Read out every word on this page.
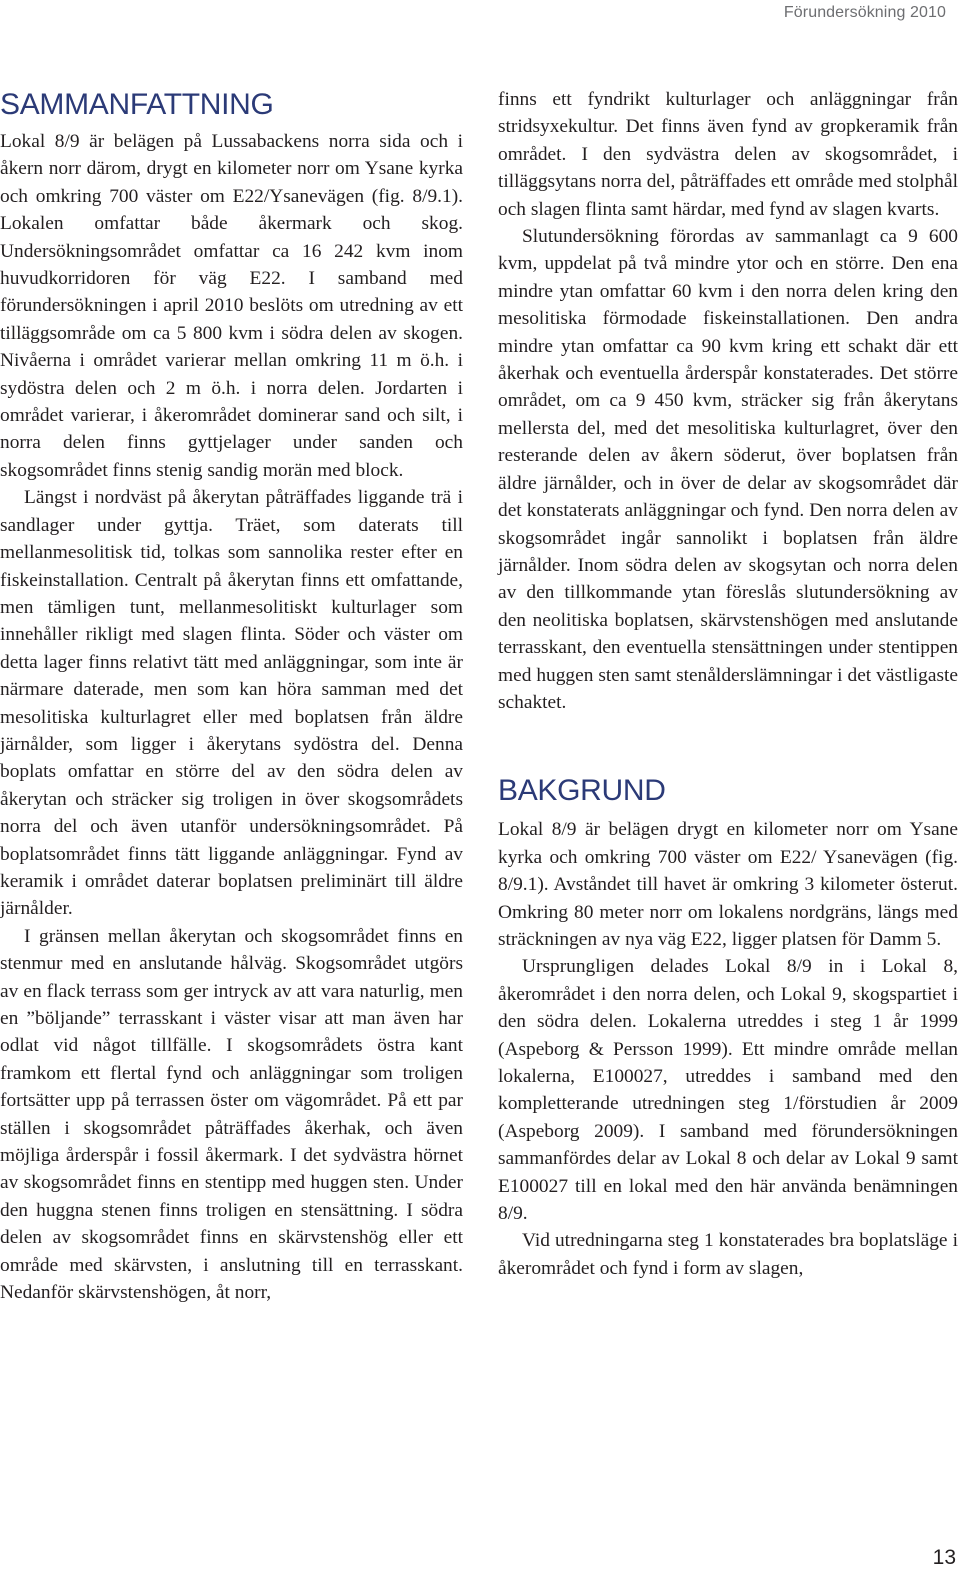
Förundersökning 2010
SAMMANFATTNING

Lokal 8/9 är belägen på Lussabackens norra sida och i åkern norr därom, drygt en kilometer norr om Ysane kyrka och omkring 700 väster om E22/Ysanevägen (fig. 8/9.1). Lokalen omfattar både åkermark och skog. Undersökningsområdet omfattar ca 16 242 kvm inom huvudkorridoren för väg E22. I samband med förundersökningen i april 2010 beslöts om utredning av ett tilläggsområde om ca 5 800 kvm i södra delen av skogen. Nivåerna i området varierar mellan omkring 11 m ö.h. i sydöstra delen och 2 m ö.h. i norra delen. Jordarten i området varierar, i åkerområdet dominerar sand och silt, i norra delen finns gyttjelager under sanden och skogsområdet finns stenig sandig morän med block.

Längst i nordväst på åkerytan påträffades liggande trä i sandlager under gyttja. Träet, som daterats till mellanmesolitisk tid, tolkas som sannolika rester efter en fiskeinstallation. Centralt på åkerytan finns ett omfattande, men tämligen tunt, mellanmesolitiskt kulturlager som innehåller rikligt med slagen flinta. Söder och väster om detta lager finns relativt tätt med anläggningar, som inte är närmare daterade, men som kan höra samman med det mesolitiska kulturlagret eller med boplatsen från äldre järnålder, som ligger i åkerytans sydöstra del. Denna boplats omfattar en större del av den södra delen av åkerytan och sträcker sig troligen in över skogsområdets norra del och även utanför undersökningsområdet. På boplatsområdet finns tätt liggande anläggningar. Fynd av keramik i området daterar boplatsen preliminärt till äldre järnålder.

I gränsen mellan åkerytan och skogsområdet finns en stenmur med en anslutande hålväg. Skogsområdet utgörs av en flack terrass som ger intryck av att vara naturlig, men en ”böljande” terrasskant i väster visar att man även har odlat vid något tillfälle. I skogsområdets östra kant framkom ett flertal fynd och anläggningar som troligen fortsätter upp på terrassen öster om vägområdet. På ett par ställen i skogsområdet påträffades åkerhak, och även möjliga årderspår i fossil åkermark. I det sydvästra hörnet av skogsområdet finns en stentipp med huggen sten. Under den huggna stenen finns troligen en stensättning. I södra delen av skogsområdet finns en skärvstenshög eller ett område med skärvsten, i anslutning till en terrasskant. Nedanför skärvstenshögen, åt norr,

finns ett fyndrikt kulturlager och anläggningar från stridsyxekultur. Det finns även fynd av gropkeramik från området. I den sydvästra delen av skogsområdet, i tilläggsytans norra del, påträffades ett område med stolphål och slagen flinta samt härdar, med fynd av slagen kvarts.

Slutundersökning förordas av sammanlagt ca 9 600 kvm, uppdelat på två mindre ytor och en större. Den ena mindre ytan omfattar 60 kvm i den norra delen kring den mesolitiska förmodade fiskeinstallationen. Den andra mindre ytan omfattar ca 90 kvm kring ett schakt där ett åkerhak och eventuella årderspår konstaterades. Det större området, om ca 9 450 kvm, sträcker sig från åkerytans mellersta del, med det mesolitiska kulturlagret, över den resterande delen av åkern söderut, över boplatsen från äldre järnålder, och in över de delar av skogsområdet där det konstaterats anläggningar och fynd. Den norra delen av skogsområdet ingår sannolikt i boplatsen från äldre järnålder. Inom södra delen av skogsytan och norra delen av den tillkommande ytan föreslås slutundersökning av den neolitiska boplatsen, skärvstenshögen med anslutande terrasskant, den eventuella stensättningen under stentippen med huggen sten samt stenålderslämningar i det västligaste schaktet.

BAKGRUND

Lokal 8/9 är belägen drygt en kilometer norr om Ysane kyrka och omkring 700 väster om E22/ Ysanevägen (fig. 8/9.1). Avståndet till havet är omkring 3 kilometer österut. Omkring 80 meter norr om lokalens nordgräns, längs med sträckningen av nya väg E22, ligger platsen för Damm 5.

Ursprungligen delades Lokal 8/9 in i Lokal 8, åkerområdet i den norra delen, och Lokal 9, skogspartiet i den södra delen. Lokalerna utreddes i steg 1 år 1999 (Aspeborg & Persson 1999). Ett mindre område mellan lokalerna, E100027, utreddes i samband med den kompletterande utredningen steg 1/förstudien år 2009 (Aspeborg 2009). I samband med förundersökningen sammanfördes delar av Lokal 8 och delar av Lokal 9 samt E100027 till en lokal med den här använda benämningen 8/9.

Vid utredningarna steg 1 konstaterades bra boplatsläge i åkerområdet och fynd i form av slagen,

13
